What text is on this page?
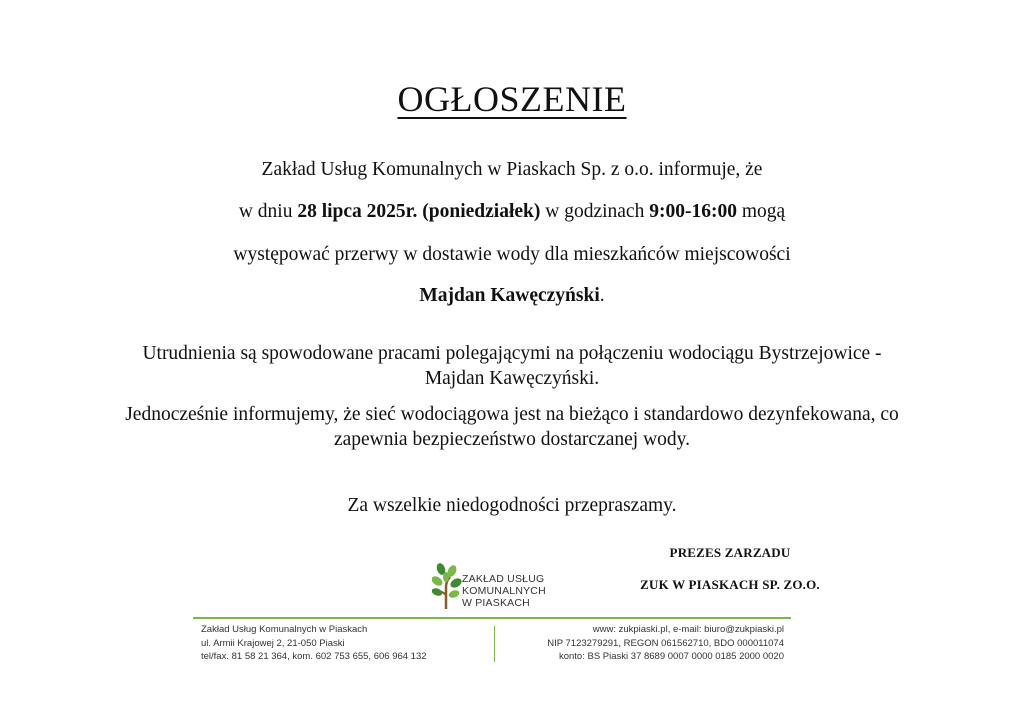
OGŁOSZENIE
Zakład Usług Komunalnych w Piaskach Sp. z o.o. informuje, że
w dniu 28 lipca 2025r. (poniedziałek) w godzinach 9:00-16:00 mogą
występować przerwy w dostawie wody dla mieszkańców miejscowości
Majdan Kawęczyński.
Utrudnienia są spowodowane pracami polegającymi na połączeniu wodociągu Bystrzejowice - Majdan Kawęczyński.
Jednocześnie informujemy, że sieć wodociągowa jest na bieżąco i standardowo dezynfekowana, co zapewnia bezpieczeństwo dostarczanej wody.
Za wszelkie niedogodności przepraszamy.
PREZES ZARZADU
ZUK W PIASKACH SP. ZO.O.
ZAKŁAD USŁUG
KOMUNALNYCH
W PIASKACH
Zakład Usług Komunalnych w Piaskach
ul. Armii Krajowej 2, 21-050 Piaski
tel/fax. 81 58 21 364, kom. 602 753 655, 606 964 132
www: zukpiaski.pl, e-mail: biuro@zukpiaski.pl
NIP 7123279291, REGON 061562710, BDO 000011074
konto: BS Piaski 37 8689 0007 0000 0185 2000 0020
